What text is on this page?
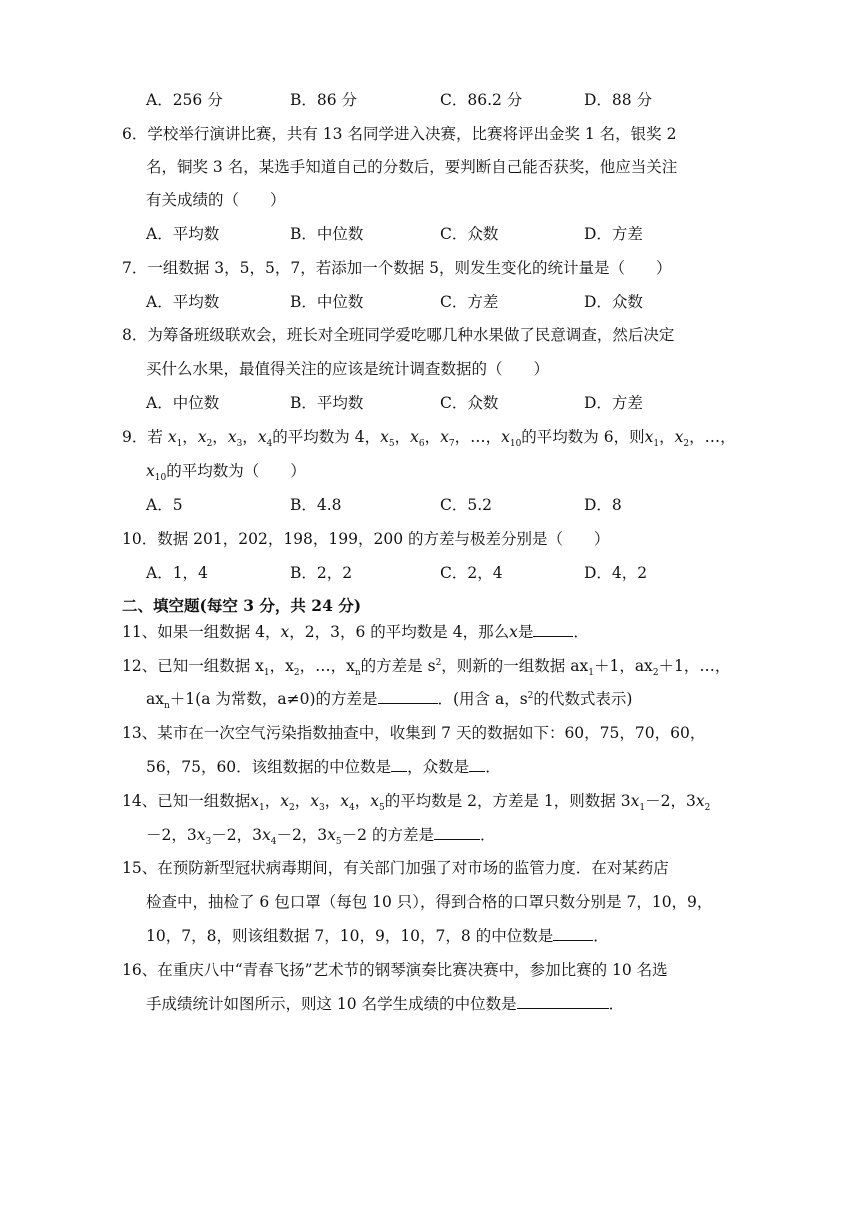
A．256 分	B．86 分	C．86.2 分	D．88 分
6．学校举行演讲比赛，共有 13 名同学进入决赛，比赛将评出金奖 1 名，银奖 2
名，铜奖 3 名，某选手知道自己的分数后，要判断自己能否获奖，他应当关注
有关成绩的（　　）
A．平均数	B．中位数	C．众数	D．方差
7．一组数据 3，5，5，7，若添加一个数据 5，则发生变化的统计量是（　　）
A．平均数	B．中位数	C．方差	D．众数
8．为筹备班级联欢会，班长对全班同学爱吃哪几种水果做了民意调查，然后决定
买什么水果，最值得关注的应该是统计调查数据的（　　）
A．中位数	B．平均数	C．众数	D．方差
9．若 $x_1$，$x_2$，$x_3$，$x_4$的平均数为 4，$x_5$，$x_6$，$x_7$，…，$x_{10}$的平均数为 6，则$x_1$，$x_2$，…，
$x_{10}$的平均数为（　　）
A．5	B．4.8	C．5.2	D．8
10．数据 201，202，198，199，200 的方差与极差分别是（　　）
A．1，4	B．2，2	C．2，4	D．4，2
二、填空题(每空 3 分，共 24 分)
11、如果一组数据 4，x，2，3，6 的平均数是 4，那么x是	．
12、已知一组数据 $x_1$，$x_2$，…，$x_n$的方差是 $s^2$，则新的一组数据 $ax_1+1$，$ax_2+1$，…，
$ax_n+1(a$ 为常数，a≠0)的方差是	．(用含 a，$s^2$的代数式表示)
13、某市在一次空气污染指数抽查中，收集到 7 天的数据如下：60，75，70，60，
56，75，60．该组数据的中位数是 ，众数是 ．
14、已知一组数据$x_1$，$x_2$，$x_3$，$x_4$，$x_5$的平均数是 2，方差是 1，则数据 $3x_1-2$，$3x_2$
－2，$3x_3-2$，$3x_4-2$，$3x_5-2$ 的方差是	．
15、在预防新型冠状病毒期间，有关部门加强了对市场的监管力度．在对某药店
检查中，抽检了 6 包口罩（每包 10 只），得到合格的口罩只数分别是 7，10，9，
10，7，8，则该组数据 7，10，9，10，7，8 的中位数是	．
16、在重庆八中“青春飞扬”艺术节的钢琴演奏比赛决赛中，参加比赛的 10 名选
手成绩统计如图所示，则这 10 名学生成绩的中位数是	．
